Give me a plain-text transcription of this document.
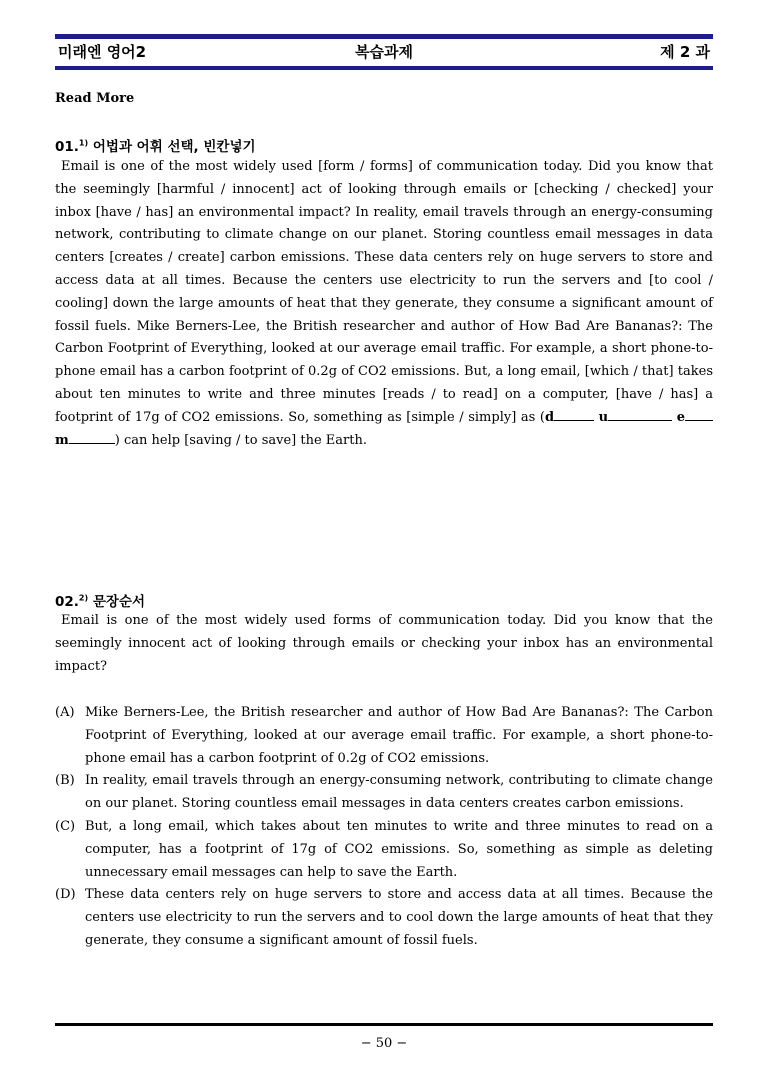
미래엔 영어2	복습과제	제 2 과
Read More
01.$^{1)}$ 어법과 어휘 선택, 빈칸넣기

Email is one of the most widely used [form / forms] of communication today. Did you know that the seemingly [harmful / innocent] act of looking through emails or [checking / checked] your inbox [have / has] an environmental impact? In reality, email travels through an energy-consuming network, contributing to climate change on our planet. Storing countless email messages in data centers [creates / create] carbon emissions. These data centers rely on huge servers to store and access data at all times. Because the centers use electricity to run the servers and [to cool / cooling] down the large amounts of heat that they generate, they consume a significant amount of fossil fuels. Mike Berners-Lee, the British researcher and author of How Bad Are Bananas?: The Carbon Footprint of Everything, looked at our average email traffic. For example, a short phone-to-phone email has a carbon footprint of 0.2g of CO2 emissions. But, a long email, [which / that] takes about ten minutes to write and three minutes [reads / to read] on a computer, [have / has] a footprint of 17g of CO2 emissions. So, something as [simple / simply] as (d	u	e m	) can help [saving / to save] the Earth.

02.$^{2)}$ 문장순서

Email is one of the most widely used forms of communication today. Did you know that the seemingly innocent act of looking through emails or checking your inbox has an environmental impact?

(A) Mike Berners-Lee, the British researcher and author of How Bad Are Bananas?: The Carbon Footprint of Everything, looked at our average email traffic. For example, a short phone-to-phone email has a carbon footprint of 0.2g of CO2 emissions.
(B) In reality, email travels through an energy-consuming network, contributing to climate change on our planet. Storing countless email messages in data centers creates carbon emissions.
(C) But, a long email, which takes about ten minutes to write and three minutes to read on a computer, has a footprint of 17g of CO2 emissions. So, something as simple as deleting unnecessary email messages can help to save the Earth.
(D) These data centers rely on huge servers to store and access data at all times. Because the centers use electricity to run the servers and to cool down the large amounts of heat that they generate, they consume a significant amount of fossil fuels.
− 50 −
